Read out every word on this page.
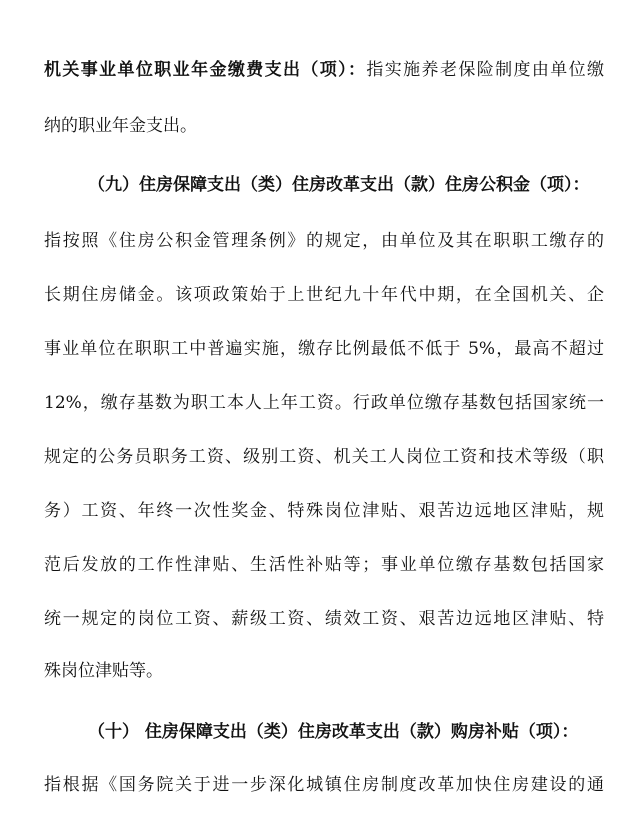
机关事业单位职业年金缴费支出（项）：指实施养老保险制度由单位缴
纳的职业年金支出。
（九）住房保障支出（类）住房改革支出（款）住房公积金（项）：
指按照《住房公积金管理条例》的规定，由单位及其在职职工缴存的
长期住房储金。该项政策始于上世纪九十年代中期，在全国机关、企
事业单位在职职工中普遍实施，缴存比例最低不低于 5%，最高不超过
12%，缴存基数为职工本人上年工资。行政单位缴存基数包括国家统一
规定的公务员职务工资、级别工资、机关工人岗位工资和技术等级（职
务）工资、年终一次性奖金、特殊岗位津贴、艰苦边远地区津贴，规
范后发放的工作性津贴、生活性补贴等；事业单位缴存基数包括国家
统一规定的岗位工资、薪级工资、绩效工资、艰苦边远地区津贴、特
殊岗位津贴等。
（十） 住房保障支出（类）住房改革支出（款）购房补贴（项）：
指根据《国务院关于进一步深化城镇住房制度改革加快住房建设的通
